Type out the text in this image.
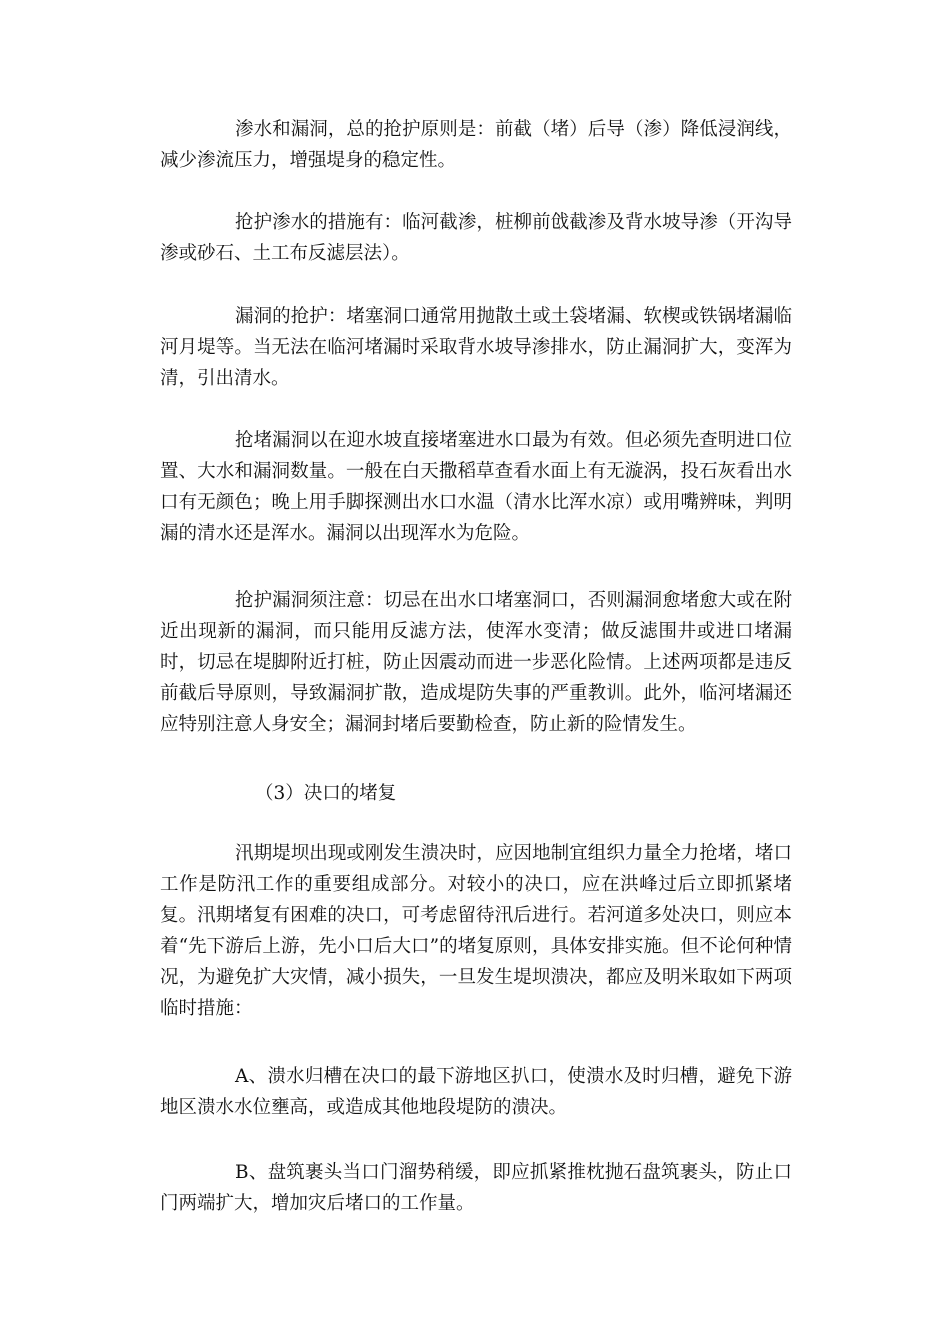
渗水和漏洞，总的抢护原则是：前截（堵）后导（渗）降低浸润线，减少渗流压力，增强堤身的稳定性。

抢护渗水的措施有：临河截渗，桩柳前戗截渗及背水坡导渗（开沟导渗或砂石、土工布反滤层法）。

漏洞的抢护：堵塞洞口通常用抛散土或土袋堵漏、软楔或铁锅堵漏临河月堤等。当无法在临河堵漏时采取背水坡导渗排水，防止漏洞扩大，变浑为清，引出清水。

抢堵漏洞以在迎水坡直接堵塞进水口最为有效。但必须先查明进口位置、大水和漏洞数量。一般在白天撒稻草查看水面上有无漩涡，投石灰看出水口有无颜色；晚上用手脚探测出水口水温（清水比浑水凉）或用嘴辨味，判明漏的清水还是浑水。漏洞以出现浑水为危险。

抢护漏洞须注意：切忌在出水口堵塞洞口，否则漏洞愈堵愈大或在附近出现新的漏洞，而只能用反滤方法，使浑水变清；做反滤围井或进口堵漏时，切忌在堤脚附近打桩，防止因震动而进一步恶化险情。上述两项都是违反前截后导原则，导致漏洞扩散，造成堤防失事的严重教训。此外，临河堵漏还应特别注意人身安全；漏洞封堵后要勤检查，防止新的险情发生。

（3）决口的堵复

汛期堤坝出现或刚发生溃决时，应因地制宜组织力量全力抢堵，堵口工作是防汛工作的重要组成部分。对较小的决口，应在洪峰过后立即抓紧堵复。汛期堵复有困难的决口，可考虑留待汛后进行。若河道多处决口，则应本着“先下游后上游，先小口后大口”的堵复原则，具体安排实施。但不论何种情况，为避免扩大灾情，减小损失，一旦发生堤坝溃决，都应及明米取如下两项临时措施：

A、溃水归槽在决口的最下游地区扒口，使溃水及时归槽，避免下游地区溃水水位壅高，或造成其他地段堤防的溃决。

B、盘筑裹头当口门溜势稍缓，即应抓紧推枕抛石盘筑裹头，防止口门两端扩大，增加灾后堵口的工作量。
